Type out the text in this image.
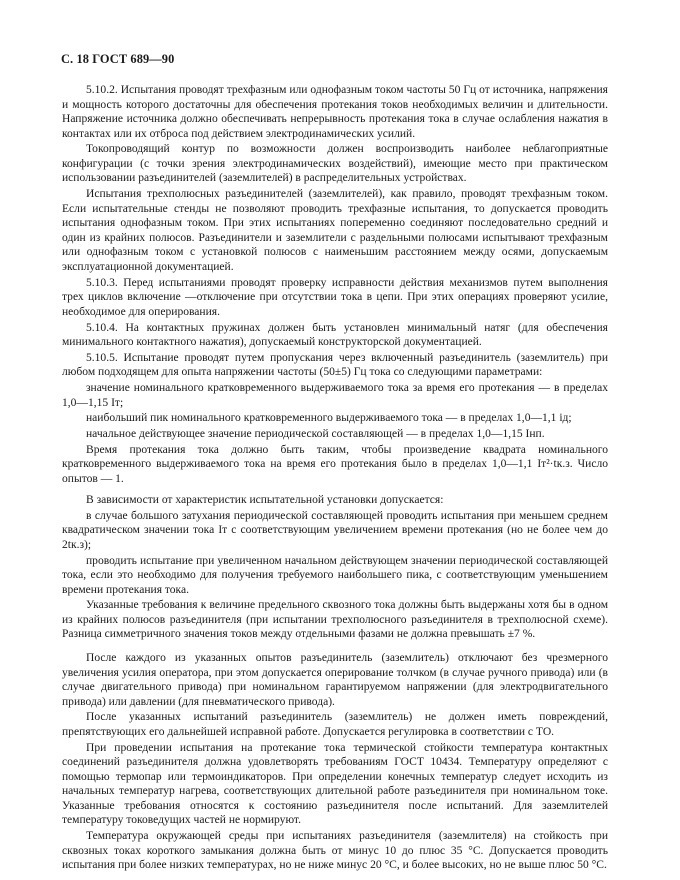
С. 18 ГОСТ 689—90

5.10.2. Испытания проводят трехфазным или однофазным током частоты 50 Гц от источника, напряжения и мощность которого достаточны для обеспечения протекания токов необходимых величин и длительности. Напряжение источника должно обеспечивать непрерывность протекания тока в случае ослабления нажатия в контактах или их отброса под действием электродинамических усилий.

Токопроводящий контур по возможности должен воспроизводить наиболее неблагоприятные конфигурации (с точки зрения электродинамических воздействий), имеющие место при практическом использовании разъединителей (заземлителей) в распределительных устройствах.

Испытания трехполюсных разъединителей (заземлителей), как правило, проводят трехфазным током. Если испытательные стенды не позволяют проводить трехфазные испытания, то допускается проводить испытания однофазным током. При этих испытаниях попеременно соединяют последовательно средний и один из крайних полюсов. Разъединители и заземлители с раздельными полюсами испытывают трехфазным или однофазным током с установкой полюсов с наименьшим расстоянием между осями, допускаемым эксплуатационной документацией.

5.10.3. Перед испытаниями проводят проверку исправности действия механизмов путем выполнения трех циклов включение —отключение при отсутствии тока в цепи. При этих операциях проверяют усилие, необходимое для оперирования.

5.10.4. На контактных пружинах должен быть установлен минимальный натяг (для обеспечения минимального контактного нажатия), допускаемый конструкторской документацией.

5.10.5. Испытание проводят путем пропускания через включенный разъединитель (заземлитель) при любом подходящем для опыта напряжении частоты (50±5) Гц тока со следующими параметрами:

значение номинального кратковременного выдерживаемого тока за время его протекания — в пределах 1,0—1,15 Iт;

наибольший пик номинального кратковременного выдерживаемого тока — в пределах 1,0—1,1 iд;

начальное действующее значение периодической составляющей — в пределах 1,0—1,15 Iнп.

Время протекания тока должно быть таким, чтобы произведение квадрата номинального кратковременного выдерживаемого тока на время его протекания было в пределах 1,0—1,1 Iт²·tк.з. Число опытов — 1.

В зависимости от характеристик испытательной установки допускается:

в случае большого затухания периодической составляющей проводить испытания при меньшем среднем квадратическом значении тока Iт с соответствующим увеличением времени протекания (но не более чем до 2tк.з);

проводить испытание при увеличенном начальном действующем значении периодической составляющей тока, если это необходимо для получения требуемого наибольшего пика, с соответствующим уменьшением времени протекания тока.

Указанные требования к величине предельного сквозного тока должны быть выдержаны хотя бы в одном из крайних полюсов разъединителя (при испытании трехполюсного разъединителя в трехполюсной схеме). Разница симметричного значения токов между отдельными фазами не должна превышать ±7 %.

После каждого из указанных опытов разъединитель (заземлитель) отключают без чрезмерного увеличения усилия оператора, при этом допускается оперирование толчком (в случае ручного привода) или (в случае двигательного привода) при номинальном гарантируемом напряжении (для электродвигательного привода) или давлении (для пневматического привода).

После указанных испытаний разъединитель (заземлитель) не должен иметь повреждений, препятствующих его дальнейшей исправной работе. Допускается регулировка в соответствии с ТО.

При проведении испытания на протекание тока термической стойкости температура контактных соединений разъединителя должна удовлетворять требованиям ГОСТ 10434. Температуру определяют с помощью термопар или термоиндикаторов. При определении конечных температур следует исходить из начальных температур нагрева, соответствующих длительной работе разъединителя при номинальном токе. Указанные требования относятся к состоянию разъединителя после испытаний. Для заземлителей температуру токоведущих частей не нормируют.

Температура окружающей среды при испытаниях разъединителя (заземлителя) на стойкость при сквозных токах короткого замыкания должна быть от минус 10 до плюс 35 °С. Допускается проводить испытания при более низких температурах, но не ниже минус 20 °С, и более высоких, но не выше плюс 50 °С.
